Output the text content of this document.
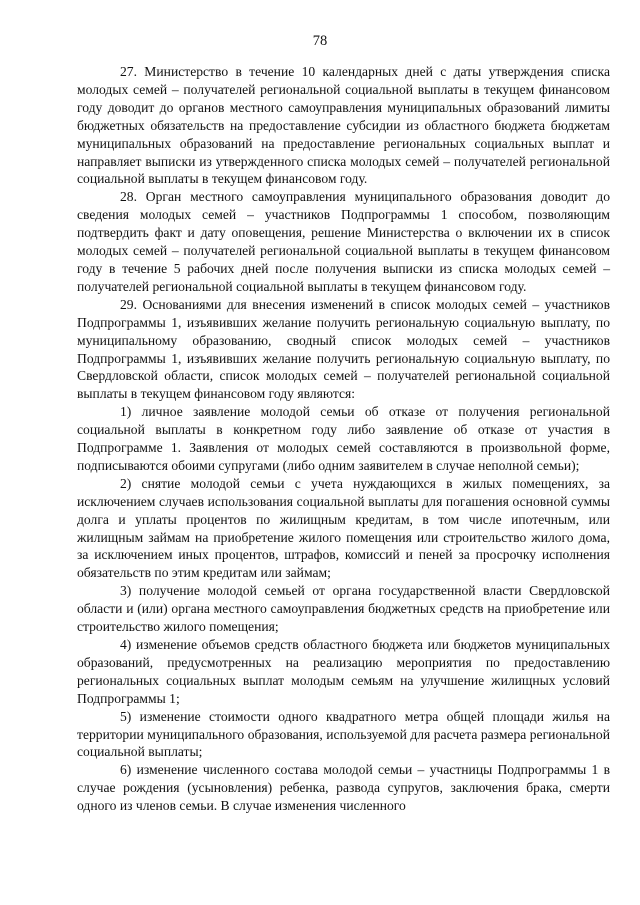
78

27. Министерство в течение 10 календарных дней с даты утверждения списка молодых семей – получателей региональной социальной выплаты в текущем финансовом году доводит до органов местного самоуправления муниципальных образований лимиты бюджетных обязательств на предоставление субсидии из областного бюджета бюджетам муниципальных образований на предоставление региональных социальных выплат и направляет выписки из утвержденного списка молодых семей – получателей региональной социальной выплаты в текущем финансовом году.

28. Орган местного самоуправления муниципального образования доводит до сведения молодых семей – участников Подпрограммы 1 способом, позволяющим подтвердить факт и дату оповещения, решение Министерства о включении их в список молодых семей – получателей региональной социальной выплаты в текущем финансовом году в течение 5 рабочих дней после получения выписки из списка молодых семей – получателей региональной социальной выплаты в текущем финансовом году.

29. Основаниями для внесения изменений в список молодых семей – участников Подпрограммы 1, изъявивших желание получить региональную социальную выплату, по муниципальному образованию, сводный список молодых семей – участников Подпрограммы 1, изъявивших желание получить региональную социальную выплату, по Свердловской области, список молодых семей – получателей региональной социальной выплаты в текущем финансовом году являются:

1) личное заявление молодой семьи об отказе от получения региональной социальной выплаты в конкретном году либо заявление об отказе от участия в Подпрограмме 1. Заявления от молодых семей составляются в произвольной форме, подписываются обоими супругами (либо одним заявителем в случае неполной семьи);

2) снятие молодой семьи с учета нуждающихся в жилых помещениях, за исключением случаев использования социальной выплаты для погашения основной суммы долга и уплаты процентов по жилищным кредитам, в том числе ипотечным, или жилищным займам на приобретение жилого помещения или строительство жилого дома, за исключением иных процентов, штрафов, комиссий и пеней за просрочку исполнения обязательств по этим кредитам или займам;

3) получение молодой семьей от органа государственной власти Свердловской области и (или) органа местного самоуправления бюджетных средств на приобретение или строительство жилого помещения;

4) изменение объемов средств областного бюджета или бюджетов муниципальных образований, предусмотренных на реализацию мероприятия по предоставлению региональных социальных выплат молодым семьям на улучшение жилищных условий Подпрограммы 1;

5) изменение стоимости одного квадратного метра общей площади жилья на территории муниципального образования, используемой для расчета размера региональной социальной выплаты;

6) изменение численного состава молодой семьи – участницы Подпрограммы 1 в случае рождения (усыновления) ребенка, развода супругов, заключения брака, смерти одного из членов семьи. В случае изменения численного
